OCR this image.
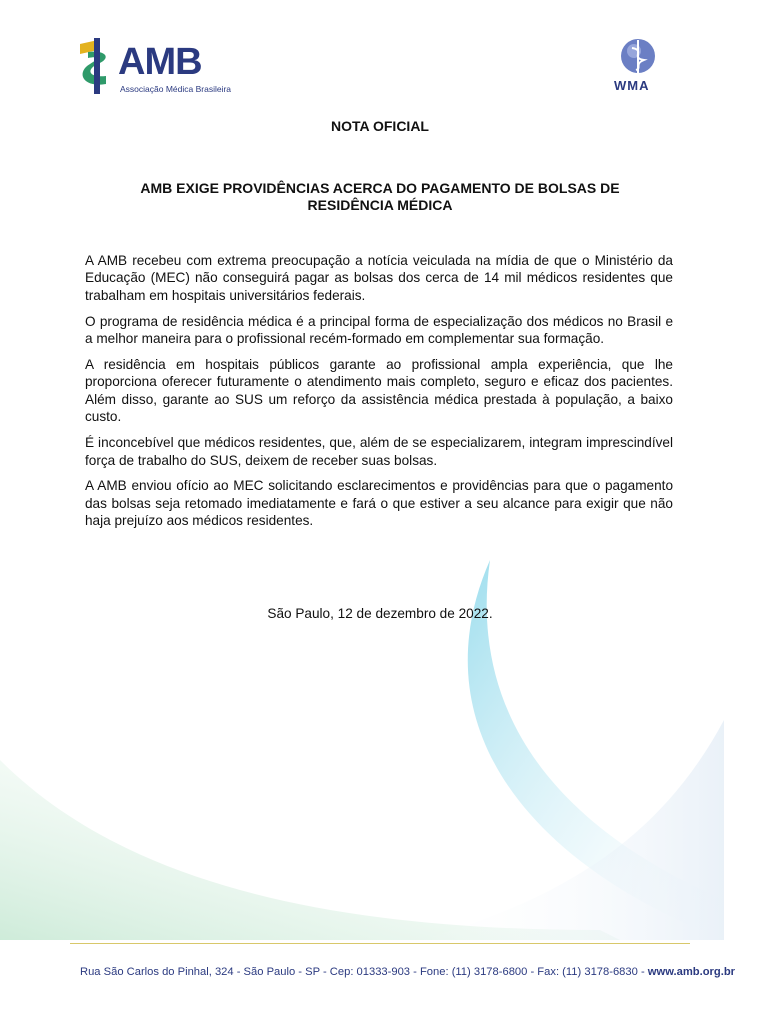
AMB
Associação Médica Brasileira	WMA
NOTA OFICIAL
AMB EXIGE PROVIDÊNCIAS ACERCA DO PAGAMENTO DE BOLSAS DE
RESIDÊNCIA MÉDICA

A AMB recebeu com extrema preocupação a notícia veiculada na mídia de que o Ministério da Educação (MEC) não conseguirá pagar as bolsas dos cerca de 14 mil médicos residentes que trabalham em hospitais universitários federais.

O programa de residência médica é a principal forma de especialização dos médicos no Brasil e a melhor maneira para o profissional recém-formado em complementar sua formação.

A residência em hospitais públicos garante ao profissional ampla experiência, que lhe proporciona oferecer futuramente o atendimento mais completo, seguro e eficaz dos pacientes. Além disso, garante ao SUS um reforço da assistência médica prestada à população, a baixo custo.

É inconcebível que médicos residentes, que, além de se especializarem, integram imprescindível força de trabalho do SUS, deixem de receber suas bolsas.

A AMB enviou ofício ao MEC solicitando esclarecimentos e providências para que o pagamento das bolsas seja retomado imediatamente e fará o que estiver a seu alcance para exigir que não haja prejuízo aos médicos residentes.

São Paulo, 12 de dezembro de 2022.
Rua São Carlos do Pinhal, 324 - São Paulo - SP - Cep: 01333-903 - Fone: (11) 3178-6800 - Fax: (11) 3178-6830 - www.amb.org.br
